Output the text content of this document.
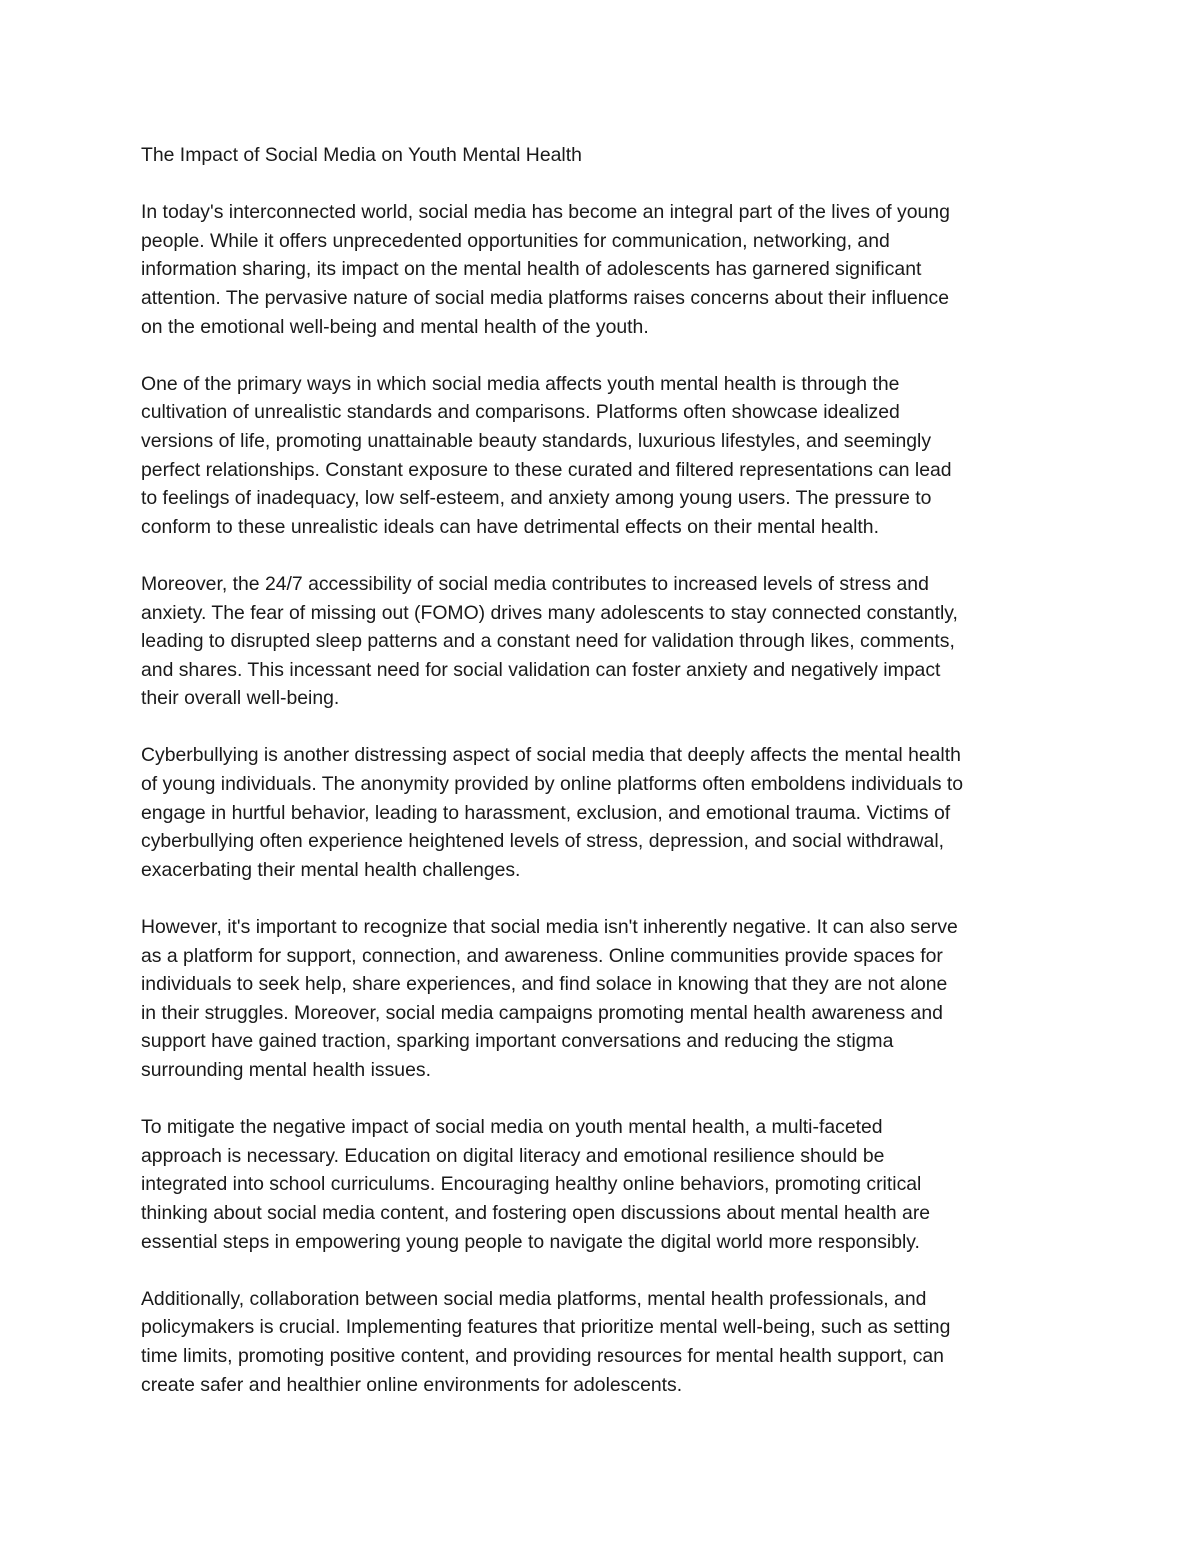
The Impact of Social Media on Youth Mental Health

In today's interconnected world, social media has become an integral part of the lives of young
people. While it offers unprecedented opportunities for communication, networking, and
information sharing, its impact on the mental health of adolescents has garnered significant
attention. The pervasive nature of social media platforms raises concerns about their influence
on the emotional well-being and mental health of the youth.
One of the primary ways in which social media affects youth mental health is through the
cultivation of unrealistic standards and comparisons. Platforms often showcase idealized
versions of life, promoting unattainable beauty standards, luxurious lifestyles, and seemingly
perfect relationships. Constant exposure to these curated and filtered representations can lead
to feelings of inadequacy, low self-esteem, and anxiety among young users. The pressure to
conform to these unrealistic ideals can have detrimental effects on their mental health.
Moreover, the 24/7 accessibility of social media contributes to increased levels of stress and
anxiety. The fear of missing out (FOMO) drives many adolescents to stay connected constantly,
leading to disrupted sleep patterns and a constant need for validation through likes, comments,
and shares. This incessant need for social validation can foster anxiety and negatively impact
their overall well-being.
Cyberbullying is another distressing aspect of social media that deeply affects the mental health
of young individuals. The anonymity provided by online platforms often emboldens individuals to
engage in hurtful behavior, leading to harassment, exclusion, and emotional trauma. Victims of
cyberbullying often experience heightened levels of stress, depression, and social withdrawal,
exacerbating their mental health challenges.
However, it's important to recognize that social media isn't inherently negative. It can also serve
as a platform for support, connection, and awareness. Online communities provide spaces for
individuals to seek help, share experiences, and find solace in knowing that they are not alone
in their struggles. Moreover, social media campaigns promoting mental health awareness and
support have gained traction, sparking important conversations and reducing the stigma
surrounding mental health issues.
To mitigate the negative impact of social media on youth mental health, a multi-faceted
approach is necessary. Education on digital literacy and emotional resilience should be
integrated into school curriculums. Encouraging healthy online behaviors, promoting critical
thinking about social media content, and fostering open discussions about mental health are
essential steps in empowering young people to navigate the digital world more responsibly.
Additionally, collaboration between social media platforms, mental health professionals, and
policymakers is crucial. Implementing features that prioritize mental well-being, such as setting
time limits, promoting positive content, and providing resources for mental health support, can
create safer and healthier online environments for adolescents.
